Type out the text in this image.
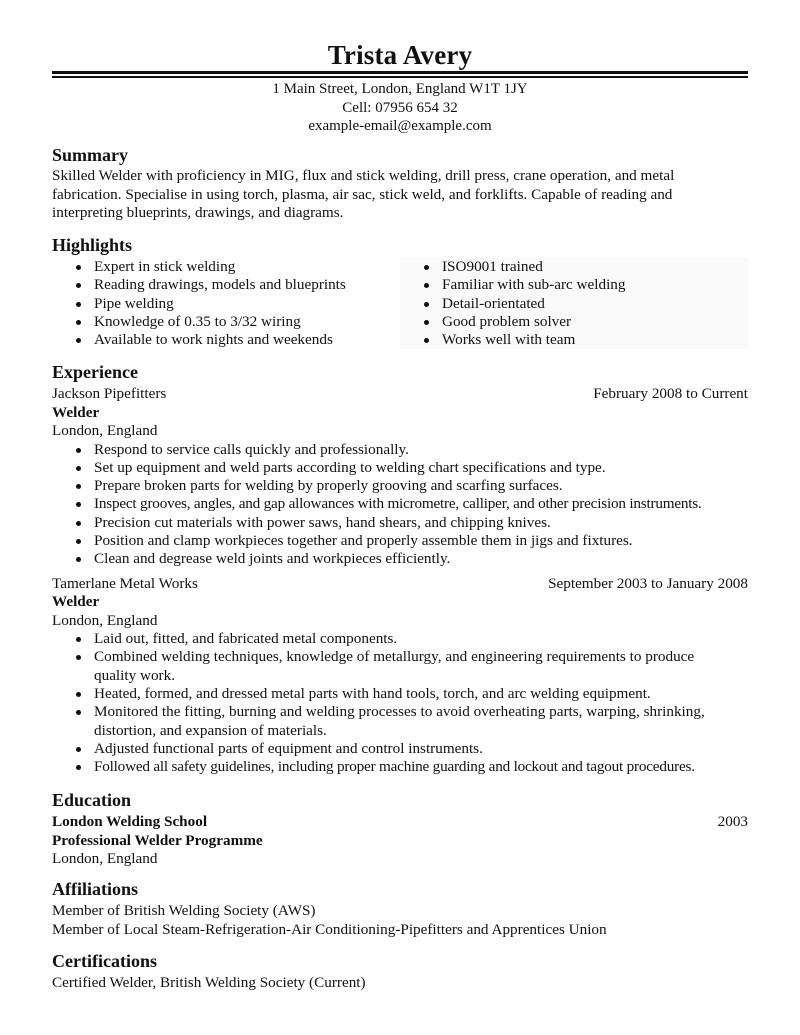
Trista Avery
1 Main Street, London, England W1T 1JY
Cell: 07956 654 32
example-email@example.com
Summary
Skilled Welder with proficiency in MIG, flux and stick welding, drill press, crane operation, and metal fabrication. Specialise in using torch, plasma, air sac, stick weld, and forklifts. Capable of reading and interpreting blueprints, drawings, and diagrams.
Highlights
Expert in stick welding
Reading drawings, models and blueprints
Pipe welding
Knowledge of 0.35 to 3/32 wiring
Available to work nights and weekends
ISO9001 trained
Familiar with sub-arc welding
Detail-orientated
Good problem solver
Works well with team
Experience
Jackson Pipefitters	February 2008 to Current
Welder
London, England
Respond to service calls quickly and professionally.
Set up equipment and weld parts according to welding chart specifications and type.
Prepare broken parts for welding by properly grooving and scarfing surfaces.
Inspect grooves, angles, and gap allowances with micrometre, calliper, and other precision instruments.
Precision cut materials with power saws, hand shears, and chipping knives.
Position and clamp workpieces together and properly assemble them in jigs and fixtures.
Clean and degrease weld joints and workpieces efficiently.
Tamerlane Metal Works	September 2003 to January 2008
Welder
London, England
Laid out, fitted, and fabricated metal components.
Combined welding techniques, knowledge of metallurgy, and engineering requirements to produce quality work.
Heated, formed, and dressed metal parts with hand tools, torch, and arc welding equipment.
Monitored the fitting, burning and welding processes to avoid overheating parts, warping, shrinking, distortion, and expansion of materials.
Adjusted functional parts of equipment and control instruments.
Followed all safety guidelines, including proper machine guarding and lockout and tagout procedures.
Education
London Welding School	2003
Professional Welder Programme
London, England
Affiliations
Member of British Welding Society (AWS)
Member of Local Steam-Refrigeration-Air Conditioning-Pipefitters and Apprentices Union
Certifications
Certified Welder, British Welding Society (Current)
